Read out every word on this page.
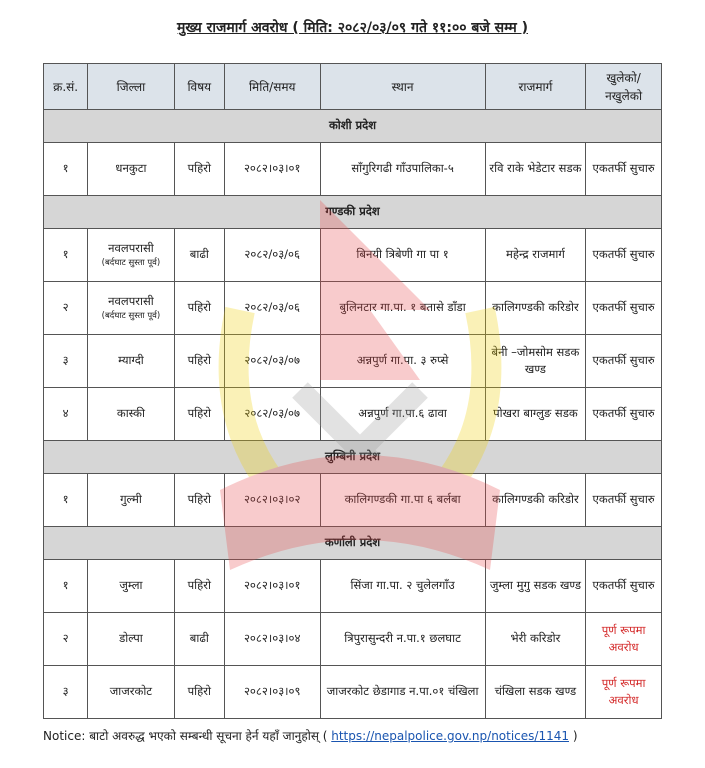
मुख्य राजमार्ग अवरोध ( मिति: २०८२/०३/०९ गते ११:०० बजे सम्म )
क्र.सं.	जिल्ला	विषय	मिति/समय	स्थान	राजमार्ग	खुलेको/ नखुलेको
कोशी प्रदेश						
१	धनकुटा	पहिरो	२०८२।०३।०१	साँगुरिगढी गाँउपालिका-५	रवि राके भेडेटार सडक	एकतर्फी सुचारु
गण्डकी प्रदेश						
१	नवलपरासी
(बर्दघाट सुस्ता पूर्व)	बाढी	२०८२/०३/०६	बिनयी त्रिबेणी गा पा १	महेन्द्र राजमार्ग	एकतर्फी सुचारु
२	नवलपरासी
(बर्दघाट सुस्ता पूर्व)	पहिरो	२०८२/०३/०६	बुलिनटार गा.पा. १ बतासे डाँडा	कालिगण्डकी करिडोर	एकतर्फी सुचारु
३	म्याग्दी	पहिरो	२०८२/०३/०७	अन्नपुर्ण गा.पा. ३ रुप्से	बेनी –जोमसोम सडक खण्ड	एकतर्फी सुचारु
४	कास्की	पहिरो	२०८२/०३/०७	अन्नपुर्ण गा.पा.६ ढावा	पोखरा बाग्लुङ सडक	एकतर्फी सुचारु
लुम्बिनी प्रदेश						
१	गुल्मी	पहिरो	२०८२।०३।०२	कालिगण्डकी गा.पा ६ बर्लबा	कालिगण्डकी करिडोर	एकतर्फी सुचारु
कर्णाली प्रदेश						
१	जुम्ला	पहिरो	२०८२।०३।०१	सिंजा गा.पा. २ चुलेलगाँउ	जुम्ला मुगु सडक खण्ड	एकतर्फी सुचारु
२	डोल्पा	बाढी	२०८२।०३।०४	त्रिपुरासुन्दरी न.पा.१ छलघाट	भेरी करिडोर	पूर्ण रूपमा अवरोध
३	जाजरकोट	पहिरो	२०८२।०३।०९	जाजरकोट छेडागाड न.पा.०१ चंखिला	चंखिला सडक खण्ड	पूर्ण रूपमा अवरोध
Notice: बाटो अवरुद्ध भएको सम्बन्धी सूचना हेर्न यहाँ जानुहोस् ( https://nepalpolice.gov.np/notices/1141 )
